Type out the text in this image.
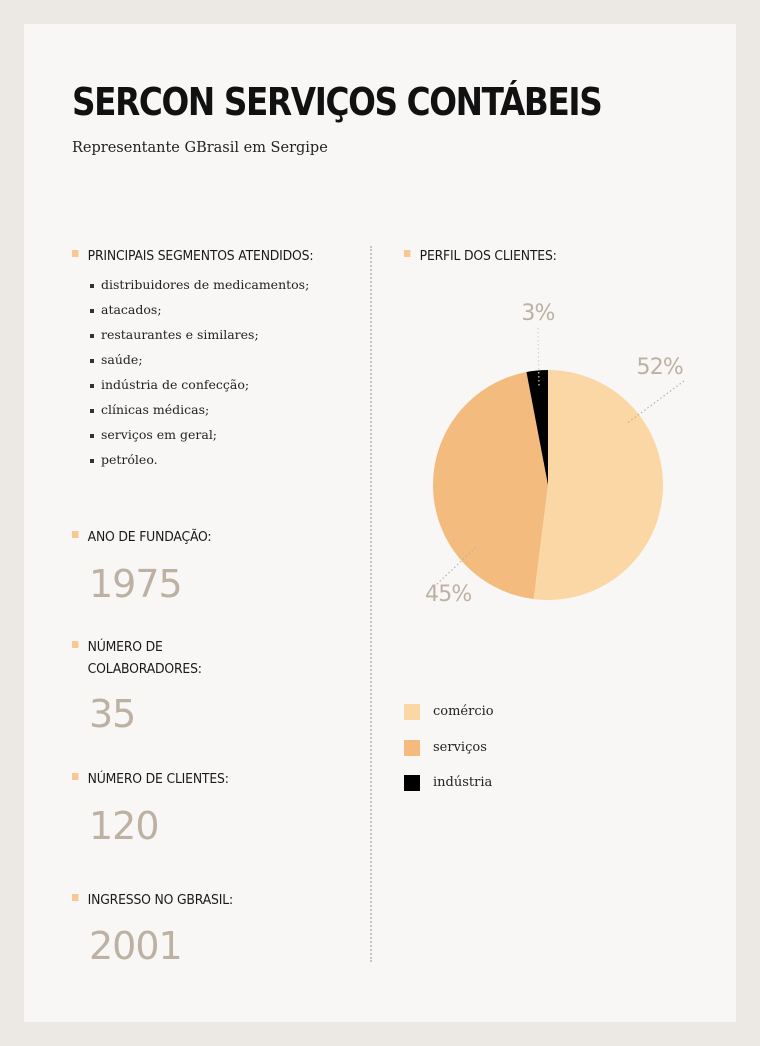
SERCON SERVIÇOS CONTÁBEIS

Representante GBrasil em Sergipe

PRINCIPAIS SEGMENTOS ATENDIDOS:
distribuidores de medicamentos;
atacados;
restaurantes e similares;
saúde;
indústria de confecção;
clínicas médicas;
serviços em geral;
petróleo.
ANO DE FUNDAÇÃO:

1975

NÚMERO DE
COLABORADORES:

35

NÚMERO DE CLIENTES:

120

INGRESSO NO GBRASIL:

2001

PERFIL DOS CLIENTES:
52%
45%
3%
comércio
serviços
indústria
